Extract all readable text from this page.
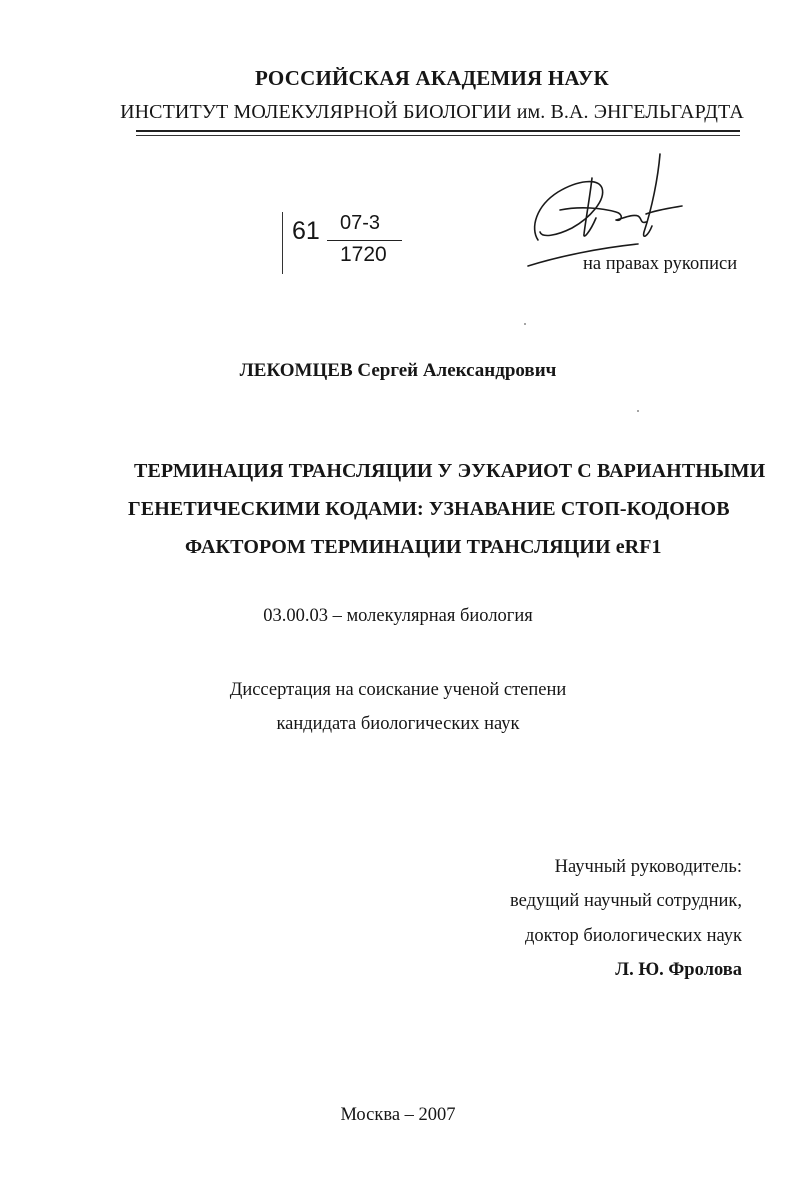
РОССИЙСКАЯ АКАДЕМИЯ НАУК
ИНСТИТУТ МОЛЕКУЛЯРНОЙ БИОЛОГИИ им. В.А. ЭНГЕЛЬГАРДТА
61 07-3
1720	на правах рукописи
ЛЕКОМЦЕВ Сергей Александрович
ТЕРМИНАЦИЯ ТРАНСЛЯЦИИ У ЭУКАРИОТ С ВАРИАНТНЫМИ
ГЕНЕТИЧЕСКИМИ КОДАМИ: УЗНАВАНИЕ СТОП-КОДОНОВ
ФАКТОРОМ ТЕРМИНАЦИИ ТРАНСЛЯЦИИ eRF1
03.00.03 – молекулярная биология
Диссертация на соискание ученой степени
кандидата биологических наук
Научный руководитель:
ведущий научный сотрудник,
доктор биологических наук
Л. Ю. Фролова
Москва – 2007
